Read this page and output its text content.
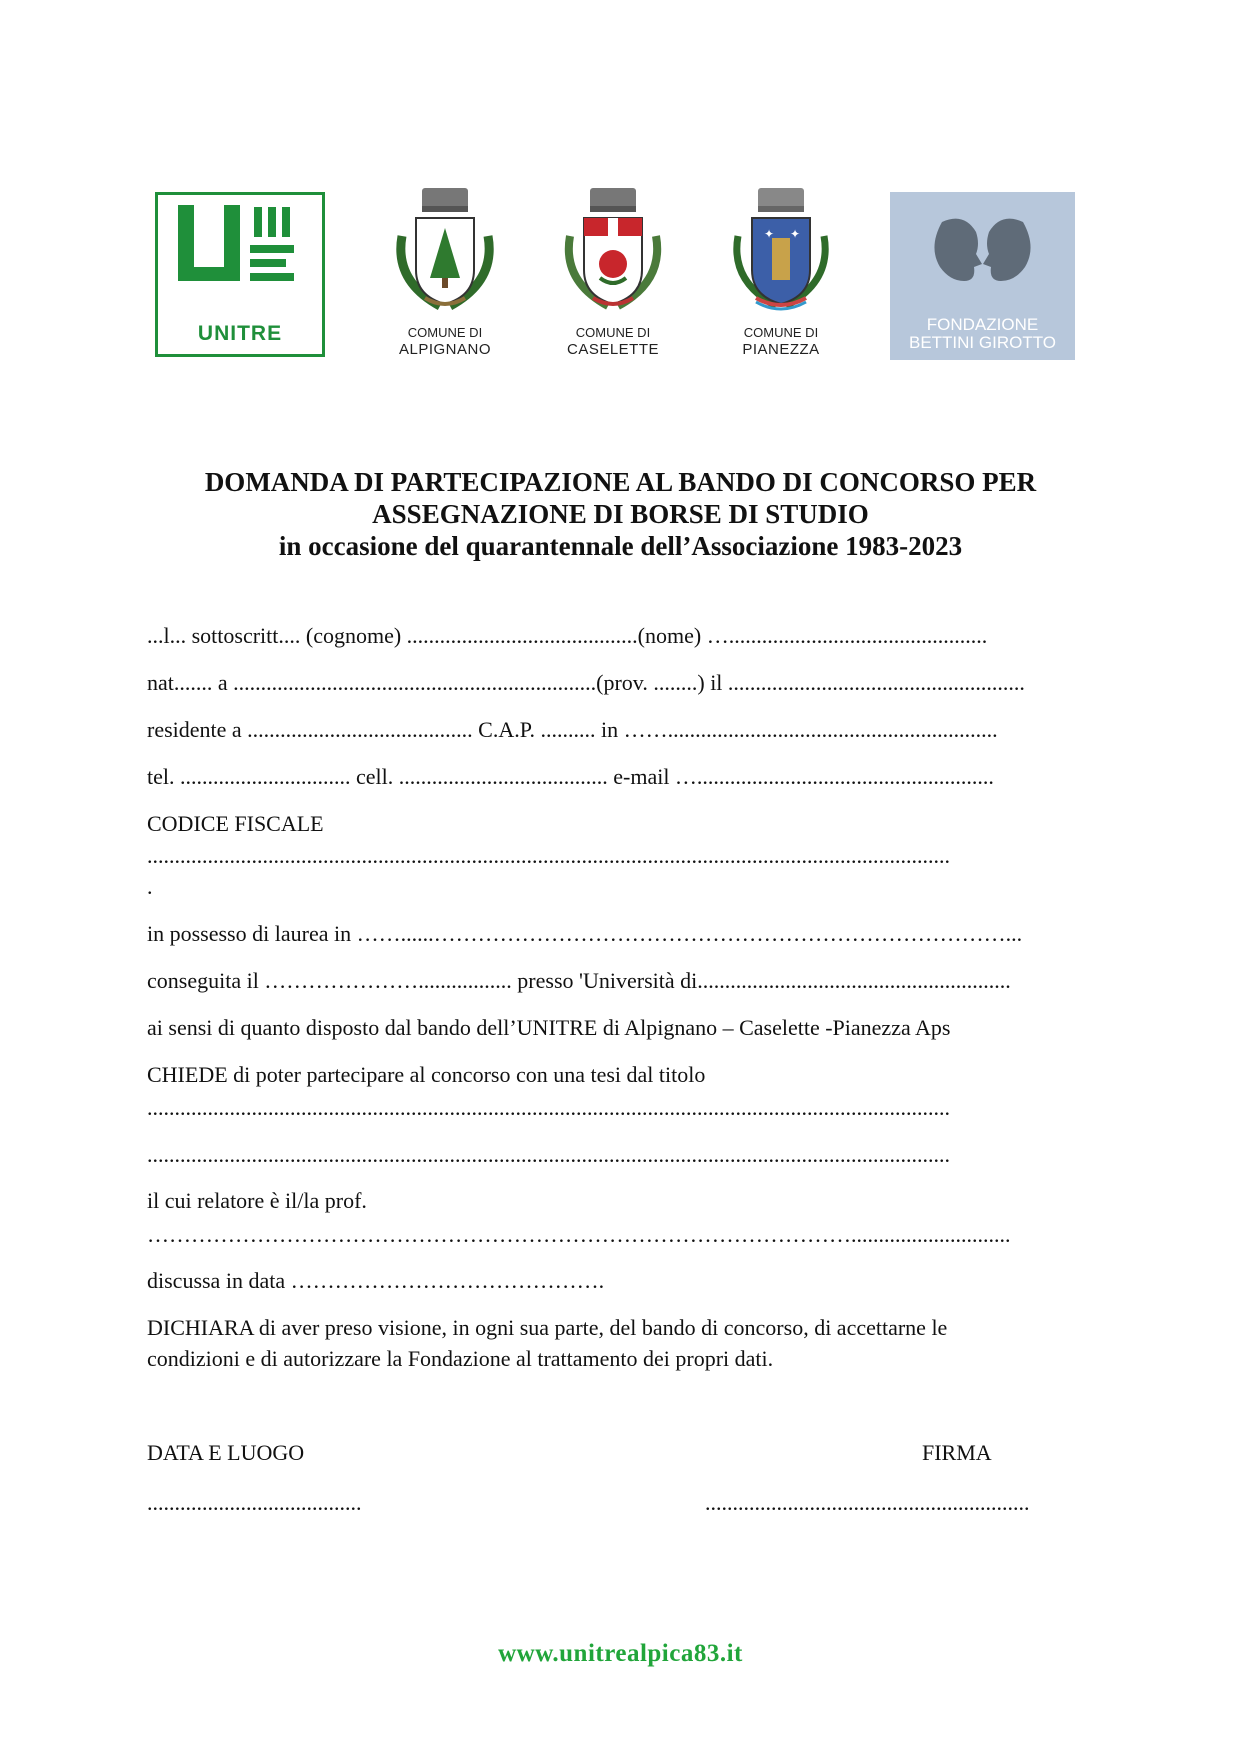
UNITRE	COMUNE DI
ALPIGNANO
COMUNE DI
CASELETTE
✦ ✦
COMUNE DI
PIANEZZA
FONDAZIONE
BETTINI GIROTTO
DOMANDA DI PARTECIPAZIONE AL BANDO DI CONCORSO PER
ASSEGNAZIONE DI BORSE DI STUDIO
in occasione del quarantennale dell’Associazione 1983-2023
...l... sottoscritt.... (cognome) ..........................................(nome) …...............................................
nat....... a ..................................................................(prov. ........) il ......................................................
residente a ......................................... C.A.P. .......... in ……............................................................
tel. ............................... cell. ...................................... e-mail …......................................................
CODICE FISCALE
..................................................................................................................................................
.
in possesso di laurea in ……......……………………………………………………………………...
conseguita il …………………................. presso 'Università di.........................................................
ai sensi di quanto disposto dal bando dell’UNITRE di Alpignano – Caselette -Pianezza Aps
CHIEDE di poter partecipare al concorso con una tesi dal titolo
..................................................................................................................................................
..................................................................................................................................................
il cui relatore è il/la prof.
…………………………………………………………………………………….............................
discussa in data …………………………………….
DICHIARA di aver preso visione, in ogni sua parte, del bando di concorso, di accettarne le
condizioni e di autorizzare la Fondazione al trattamento dei propri dati.
DATA E LUOGO	FIRMA
.......................................	...........................................................
www.unitrealpica83.it
